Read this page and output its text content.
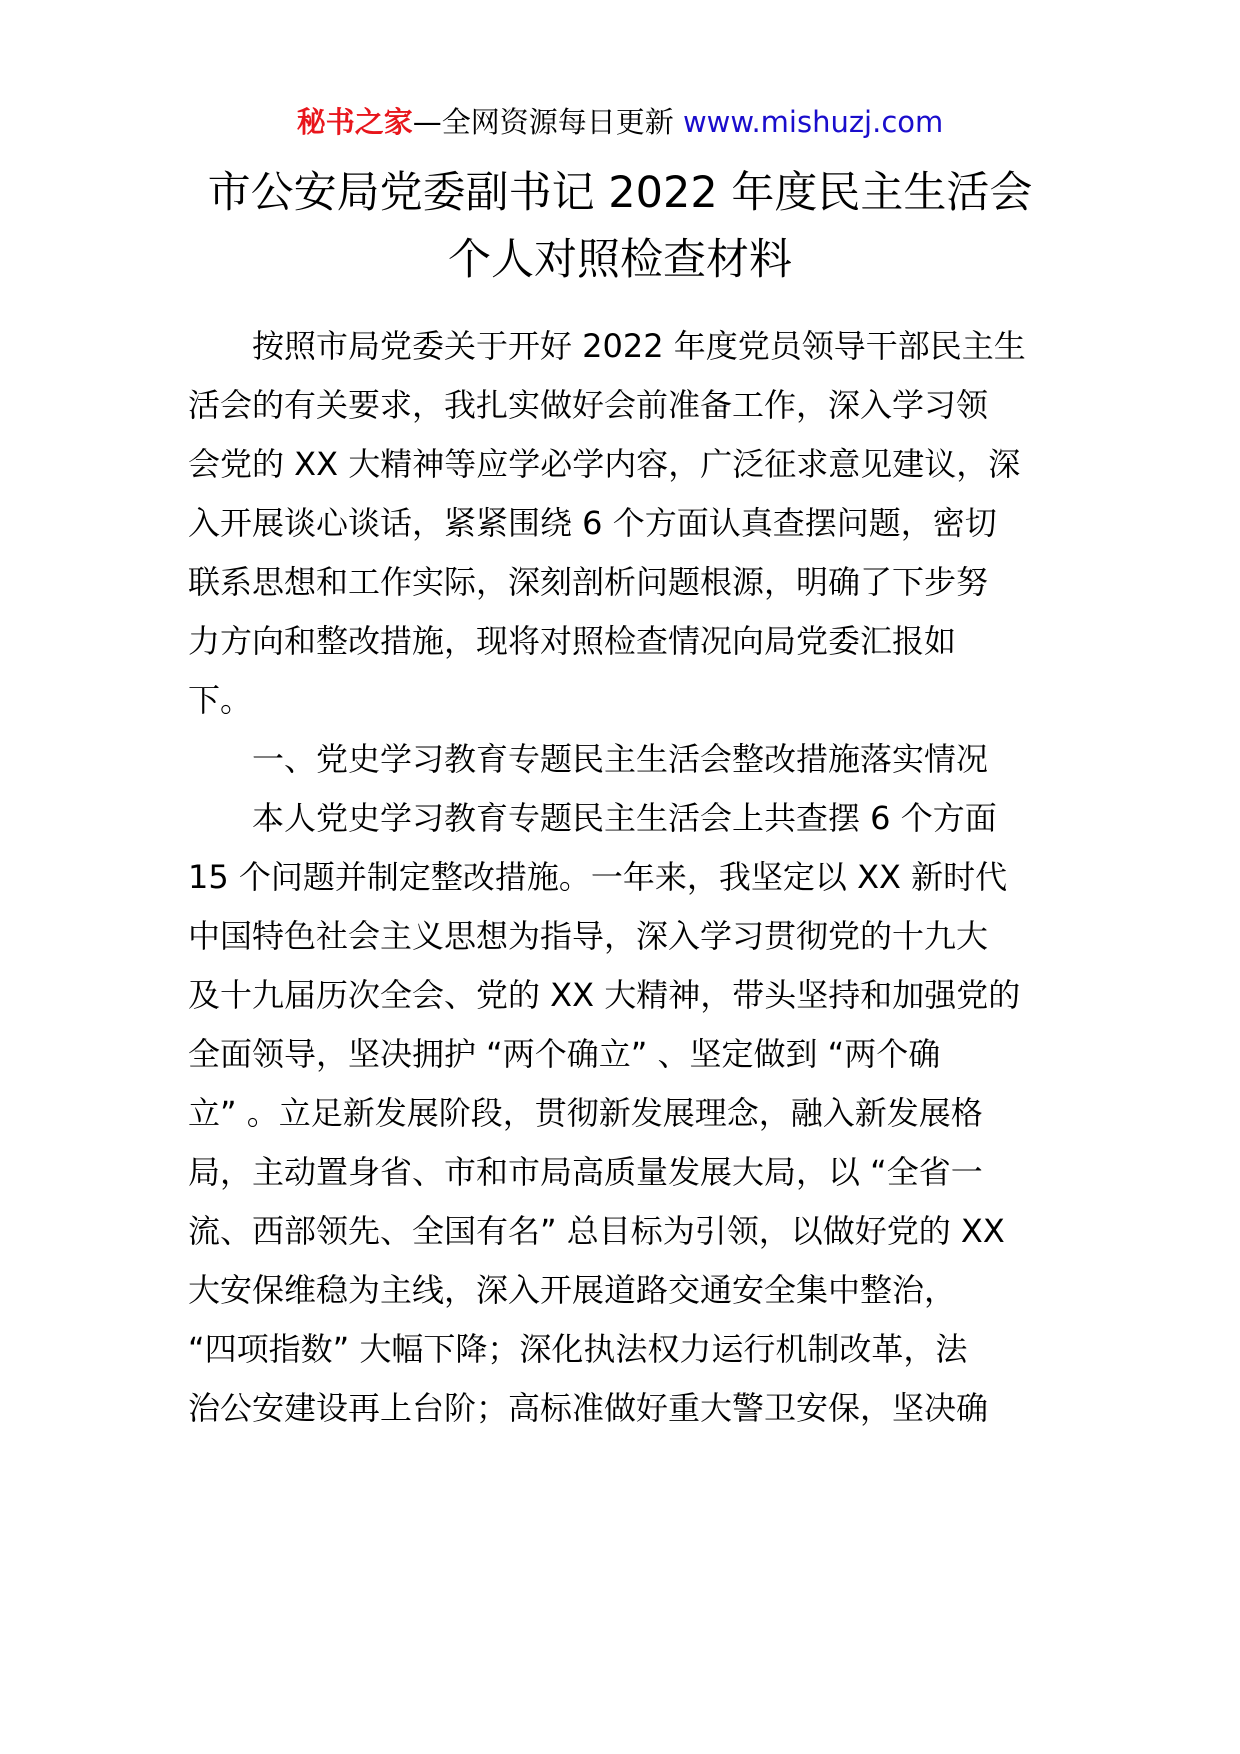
秘书之家—全网资源每日更新 www.mishuzj.com
市公安局党委副书记 2022 年度民主生活会
个人对照检查材料
按照市局党委关于开好 2022 年度党员领导干部民主生
活会的有关要求，我扎实做好会前准备工作，深入学习领
会党的 XX 大精神等应学必学内容，广泛征求意见建议，深
入开展谈心谈话，紧紧围绕 6 个方面认真查摆问题，密切
联系思想和工作实际，深刻剖析问题根源，明确了下步努
力方向和整改措施，现将对照检查情况向局党委汇报如
下。
一、党史学习教育专题民主生活会整改措施落实情况
本人党史学习教育专题民主生活会上共查摆 6 个方面
15 个问题并制定整改措施。一年来，我坚定以 XX 新时代
中国特色社会主义思想为指导，深入学习贯彻党的十九大
及十九届历次全会、党的 XX 大精神，带头坚持和加强党的
全面领导，坚决拥护 “两个确立” 、坚定做到 “两个确
立” 。立足新发展阶段，贯彻新发展理念，融入新发展格
局，主动置身省、市和市局高质量发展大局，以 “全省一
流、西部领先、全国有名” 总目标为引领，以做好党的 XX
大安保维稳为主线，深入开展道路交通安全集中整治，
“四项指数” 大幅下降；深化执法权力运行机制改革，法
治公安建设再上台阶；高标准做好重大警卫安保，坚决确
